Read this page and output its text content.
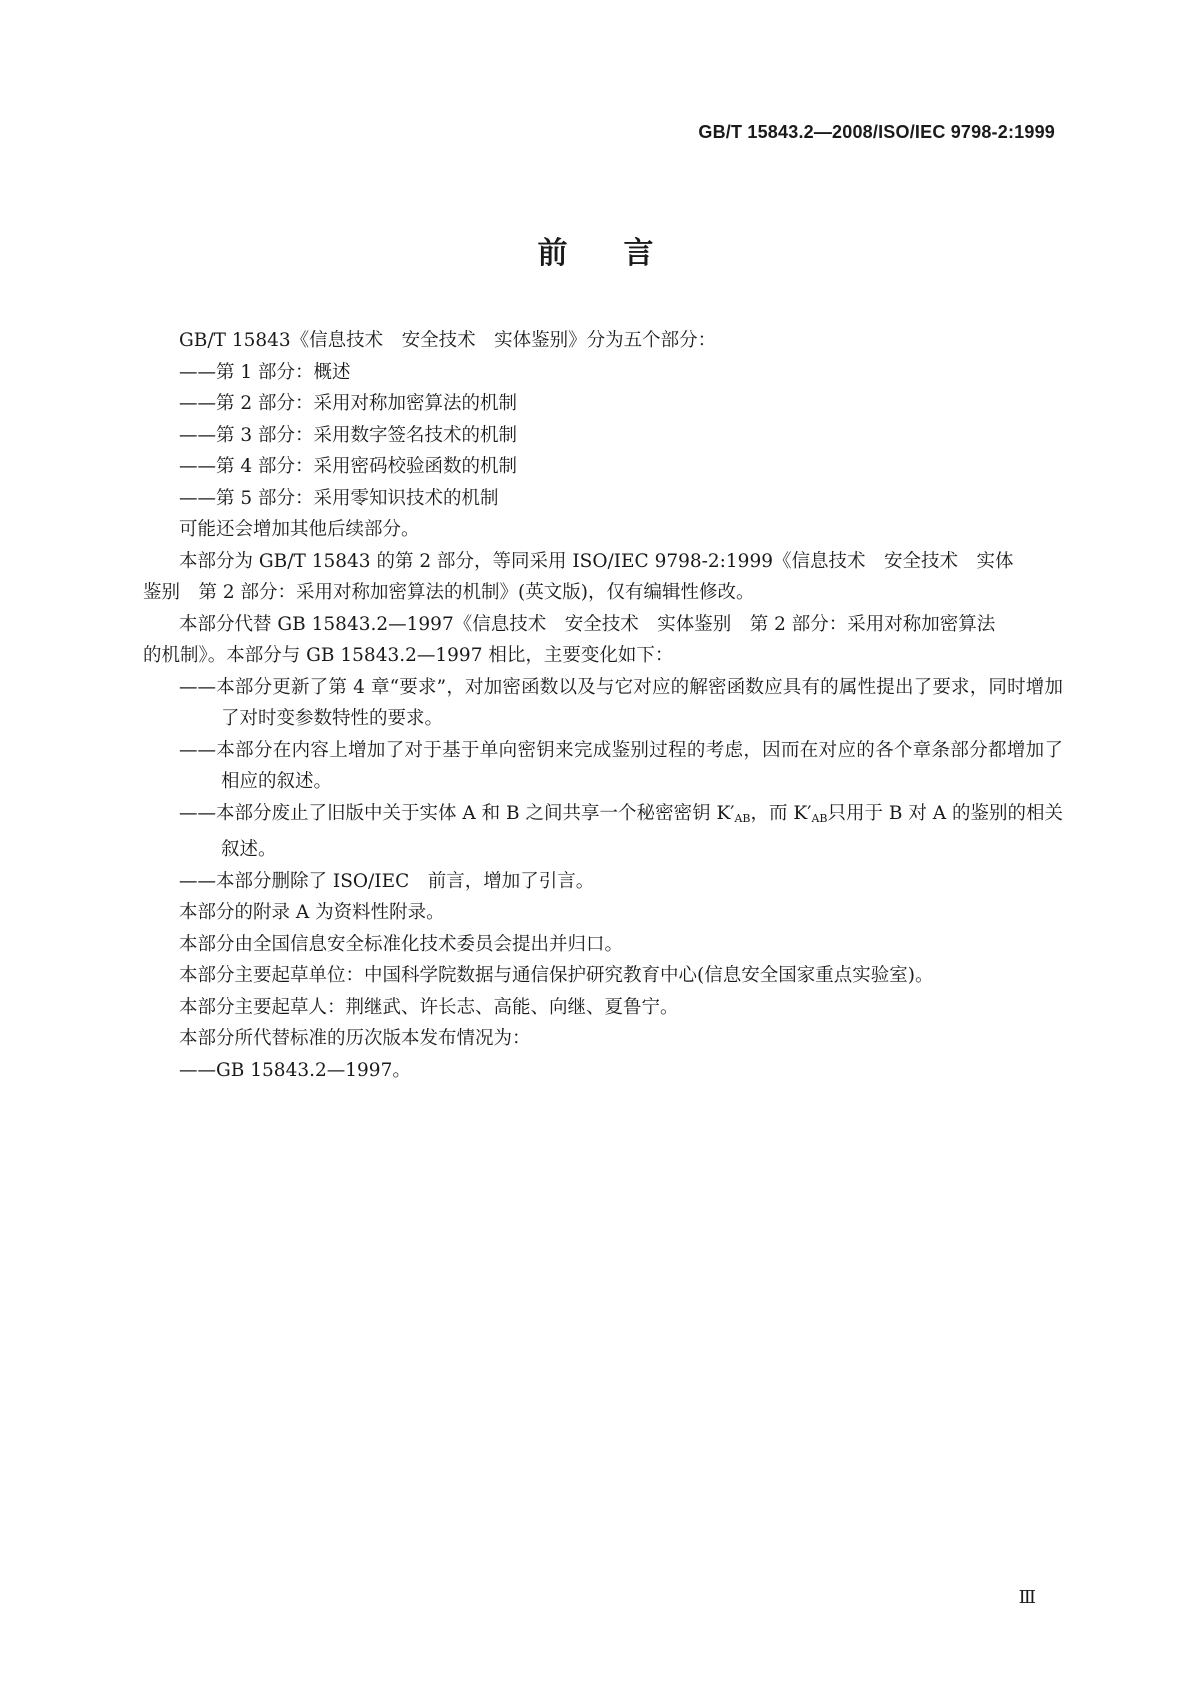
GB/T 15843.2—2008/ISO/IEC 9798-2:1999
前 言

GB/T 15843《信息技术　安全技术　实体鉴别》分为五个部分：

——第 1 部分：概述

——第 2 部分：采用对称加密算法的机制

——第 3 部分：采用数字签名技术的机制

——第 4 部分：采用密码校验函数的机制

——第 5 部分：采用零知识技术的机制

可能还会增加其他后续部分。

本部分为 GB/T 15843 的第 2 部分，等同采用 ISO/IEC 9798-2:1999《信息技术　安全技术　实体

鉴别　第 2 部分：采用对称加密算法的机制》(英文版)，仅有编辑性修改。

本部分代替 GB 15843.2—1997《信息技术　安全技术　实体鉴别　第 2 部分：采用对称加密算法

的机制》。本部分与 GB 15843.2—1997 相比，主要变化如下：

——本部分更新了第 4 章“要求”，对加密函数以及与它对应的解密函数应具有的属性提出了要求，同时增加了对时变参数特性的要求。

——本部分在内容上增加了对于基于单向密钥来完成鉴别过程的考虑，因而在对应的各个章条部分都增加了相应的叙述。

——本部分废止了旧版中关于实体 A 和 B 之间共享一个秘密密钥 $K'_{AB}$，而 $K'_{AB}$只用于 B 对 A 的鉴别的相关叙述。

——本部分删除了 ISO/IEC　前言，增加了引言。

本部分的附录 A 为资料性附录。

本部分由全国信息安全标准化技术委员会提出并归口。

本部分主要起草单位：中国科学院数据与通信保护研究教育中心(信息安全国家重点实验室)。

本部分主要起草人：荆继武、许长志、高能、向继、夏鲁宁。

本部分所代替标准的历次版本发布情况为：

——GB 15843.2—1997。

Ⅲ
